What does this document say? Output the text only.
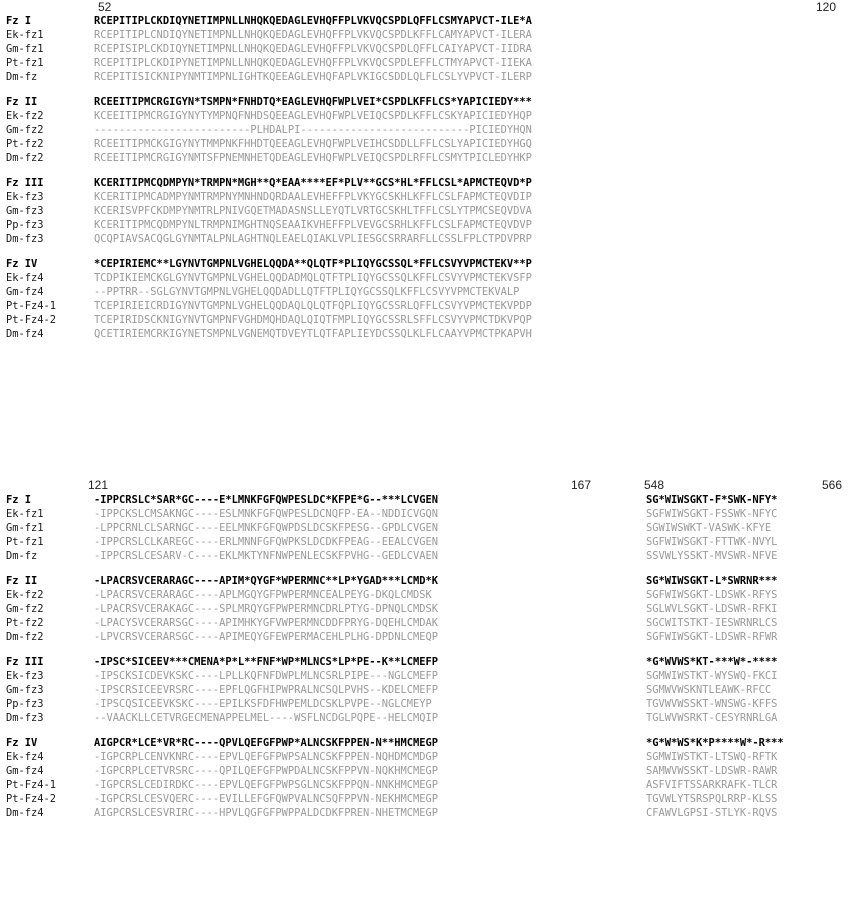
52	120
Fz I	RCEPITIPLCKDIQYNETIMPNLLNHQKQEDAGLEVHQFFPLVKVQCSPDLQFFLCSMYAPVCT-ILE*A
Ek-fz1	RCEPITIPLCNDIQYNETIMPNLLNHQKQEDAGLEVHQFFPLVKVQCSPDLKFFLCAMYAPVCT-ILERA
Gm-fz1	RCEPISIPLCKDIQYNETIMPNLLNHQKQEDAGLEVHQFFPLVKVQCSPDLQFFLCAIYAPVCT-IIDRA
Pt-fz1	RCEPITIPLCKDIPYNETIMPNLLNHQKQEDAGLEVHQFFPLVKVQCSPDLEFFLCTMYAPVCT-IIEKA
Dm-fz	RCEPITISICKNIPYNMTIMPNLIGHTKQEEAGLEVHQFAPLVKIGCSDDLQLFLCSLYVPVCT-ILERP
Fz II	RCEEITIPMCRGIGYN*TSMPN*FNHDTQ*EAGLEVHQFWPLVEI*CSPDLKFFLCS*YAPICIEDY***
Ek-fz2	KCEEITIPMCRGIGYNYTYMPNQFNHDSQEEAGLEVHQFWPLVEIQCSPDLKFFLCSKYAPICIEDYHQP
Gm-fz2	-------------------------PLHDALPI---------------------------PICIEDYHQN
Pt-fz2	RCEEITIPMCKGIGYNYTMMPNKFHHDTQEEAGLEVHQFWPLVEIHCSDDLLFFLCSLYAPICIEDYHGQ
Dm-fz2	RCEEITIPMCRGIGYNMTSFPNEMNHETQDEAGLEVHQFWPLVEIQCSPDLRFFLCSMYTPICLEDYHKP
Fz III	KCERITIPMCQDMPYN*TRMPN*MGH**Q*EAA****EF*PLV**GCS*HL*FFLCSL*APMCTEQVD*P
Ek-fz3	KCERITIPMCADMPYNMTRMPNYMNHNDQRDAALEVHEFFPLVKYGCSKHLKFFLCSLFAPMCTEQVDIP
Gm-fz3	KCERISVPFCKDMPYNMTRLPNIVGQETMADASNSLLEYQTLVRTGCSKHLTFFLCSLYTPMCSEQVDVA
Pp-fz3	KCERITIPMCQDMPYNLTRMPNIMGHTNQSEAAIKVHEFFPLVEVGCSRHLKFFLCSLFAPMCTEQVDVP
Dm-fz3	QCQPIAVSACQGLGYNMTALPNLAGHTNQLEAELQIAKLVPLIESGCSRRARFLLCSSLFPLCTPDVPRP
Fz IV	*CEPIRIEMC**LGYNVTGMPNLVGHELQQDA**QLQTF*PLIQYGCSSQL*FFLCSVYVPMCTEKV**P
Ek-fz4	TCDPIKIEMCKGLGYNVTGMPNLVGHELQQDADMQLQTFTPLIQYGCSSQLKFFLCSVYVPMCTEKVSFP
Gm-fz4	--PPTRR--SGLGYNVTGMPNLVGHELQQDADLLQTFTPLIQYGCSSQLKFFLCSVYVPMCTEKVALP
Pt-Fz4-1	TCEPIRIEICRDIGYNVTGMPNLVGHELQQDAQLQLQTFQPLIQYGCSSRLQFFLCSVYVPMCTEKVPDP
Pt-Fz4-2	TCEPIRIDSCKNIGYNVTGMPNFVGHDMQHDAQLQIQTFMPLIQYGCSSRLSFFLCSVYVPMCTDKVPQP
Dm-fz4	QCETIRIEMCRKIGYNETSMPNLVGNEMQTDVEYTLQTFAPLIEYDCSSQLKLFLCAAYVPMCTPKAPVH
121	167	548	566
Fz I	-IPPCRSLC*SAR*GC----E*LMNKFGFQWPESLDC*KFPE*G--***LCVGEN	SG*WIWSGKT-F*SWK-NFY*
Ek-fz1	-IPPCKSLCMSAKNGC----ESLMNKFGFQWPESLDCNQFP-EA--NDDICVGQN	SGFWIWSGKT-FSSWK-NFYC
Gm-fz1	-LPPCRNLCLSARNGC----EELMNKFGFQWPDSLDCSKFPESG--GPDLCVGEN	SGWIWSWKT-VASWK-KFYE
Pt-fz1	-IPPCRSLCLKAREGC----ERLMNNFGFQWPKSLDCDKFPEAG--EEALCVGEN	SGFWIWSGKT-FTTWK-NVYL
Dm-fz	-IPPCRSLCESARV-C----EKLMKTYNFNWPENLECSKFPVHG--GEDLCVAEN	SSVWLYSSKT-MVSWR-NFVE
Fz II	-LPACRSVCERARAGC----APIM*QYGF*WPERMNC**LP*YGAD***LCMD*K	SG*WIWSGKT-L*SWRNR***
Ek-fz2	-LPACRSVCERARAGC----APLMGQYGFPWPERMNCEALPEYG-DKQLCMDSK	SGFWIWSGKT-LDSWK-RFYS
Gm-fz2	-LPACRSVCERAKAGC----SPLMRQYGFPWPERMNCDRLPTYG-DPNQLCMDSK	SGLWVLSGKT-LDSWR-RFKI
Pt-fz2	-LPACYSVCERARSGC----APIMHKYGFVWPERMNCDDFPRYG-DQEHLCMDAK	SGCWITSTKT-IESWRNRLCS
Dm-fz2	-LPVCRSVCERARSGC----APIMEQYGFEWPERMACEHLPLHG-DPDNLCMEQP	SGFWIWSGKT-LDSWR-RFWR
Fz III	-IPSC*SICEEV***CMENA*P*L**FNF*WP*MLNCS*LP*PE--K**LCMEFP	*G*WVWS*KT-***W*-****
Ek-fz3	-IPSCKSICDEVKSKC----LPLLKQFNFDWPLMLNCSRLPIPE---NGLCMEFP	SGMWIWSTKT-WYSWQ-FKCI
Gm-fz3	-IPSCRSICEEVRSRC----EPFLQGFHIPWPRALNCSQLPVHS--KDELCMEFP	SGMWVWSKNTLEAWK-RFCC
Pp-fz3	-IPSCQSICEEVKSKC----EPILKSFDFHWPEMLDCSKLPVPE--NGLCMEYP	TGVWVWSSKT-WNSWG-KFFS
Dm-fz3	--VAACKLLCETVRGECMENAPPELMEL----WSFLNCDGLPQPE--HELCMQIP	TGLWVWSRKT-CESYRNRLGA
Fz IV	AIGPCR*LCE*VR*RC----QPVLQEFGFPWP*ALNCSKFPPEN-N**HMCMEGP	*G*W*WS*K*P****W*-R***
Ek-fz4	-IGPCRPLCENVKNRC----EPVLQEFGFPWPSALNCSKFPPEN-NQHDMCMDGP	SGMWIWSTKT-LTSWQ-RFTK
Gm-fz4	-IGPCRPLCETVRSRC----QPILQEFGFPWPDALNCSKFPPVN-NQKHMCMEGP	SAMWVWSSKT-LDSWR-RAWR
Pt-Fz4-1	-IGPCRSLCEDIRDKC----EPVLQEFGFPWPSGLNCSKFPPQN-NNKHMCMEGP	ASFVIFTSSARKRAFK-TLCR
Pt-Fz4-2	-IGPCRSLCESVQERC----EVILLEFGFQWPVALNCSQFPPVN-NEKHMCMEGP	TGVWLYTSRSPQLRRP-KLSS
Dm-fz4	AIGPCRSLCESVRIRC----HPVLQGFGFPWPPALDCDKFPREN-NHETMCMEGP	CFAWVLGPSI-STLYK-RQVS
